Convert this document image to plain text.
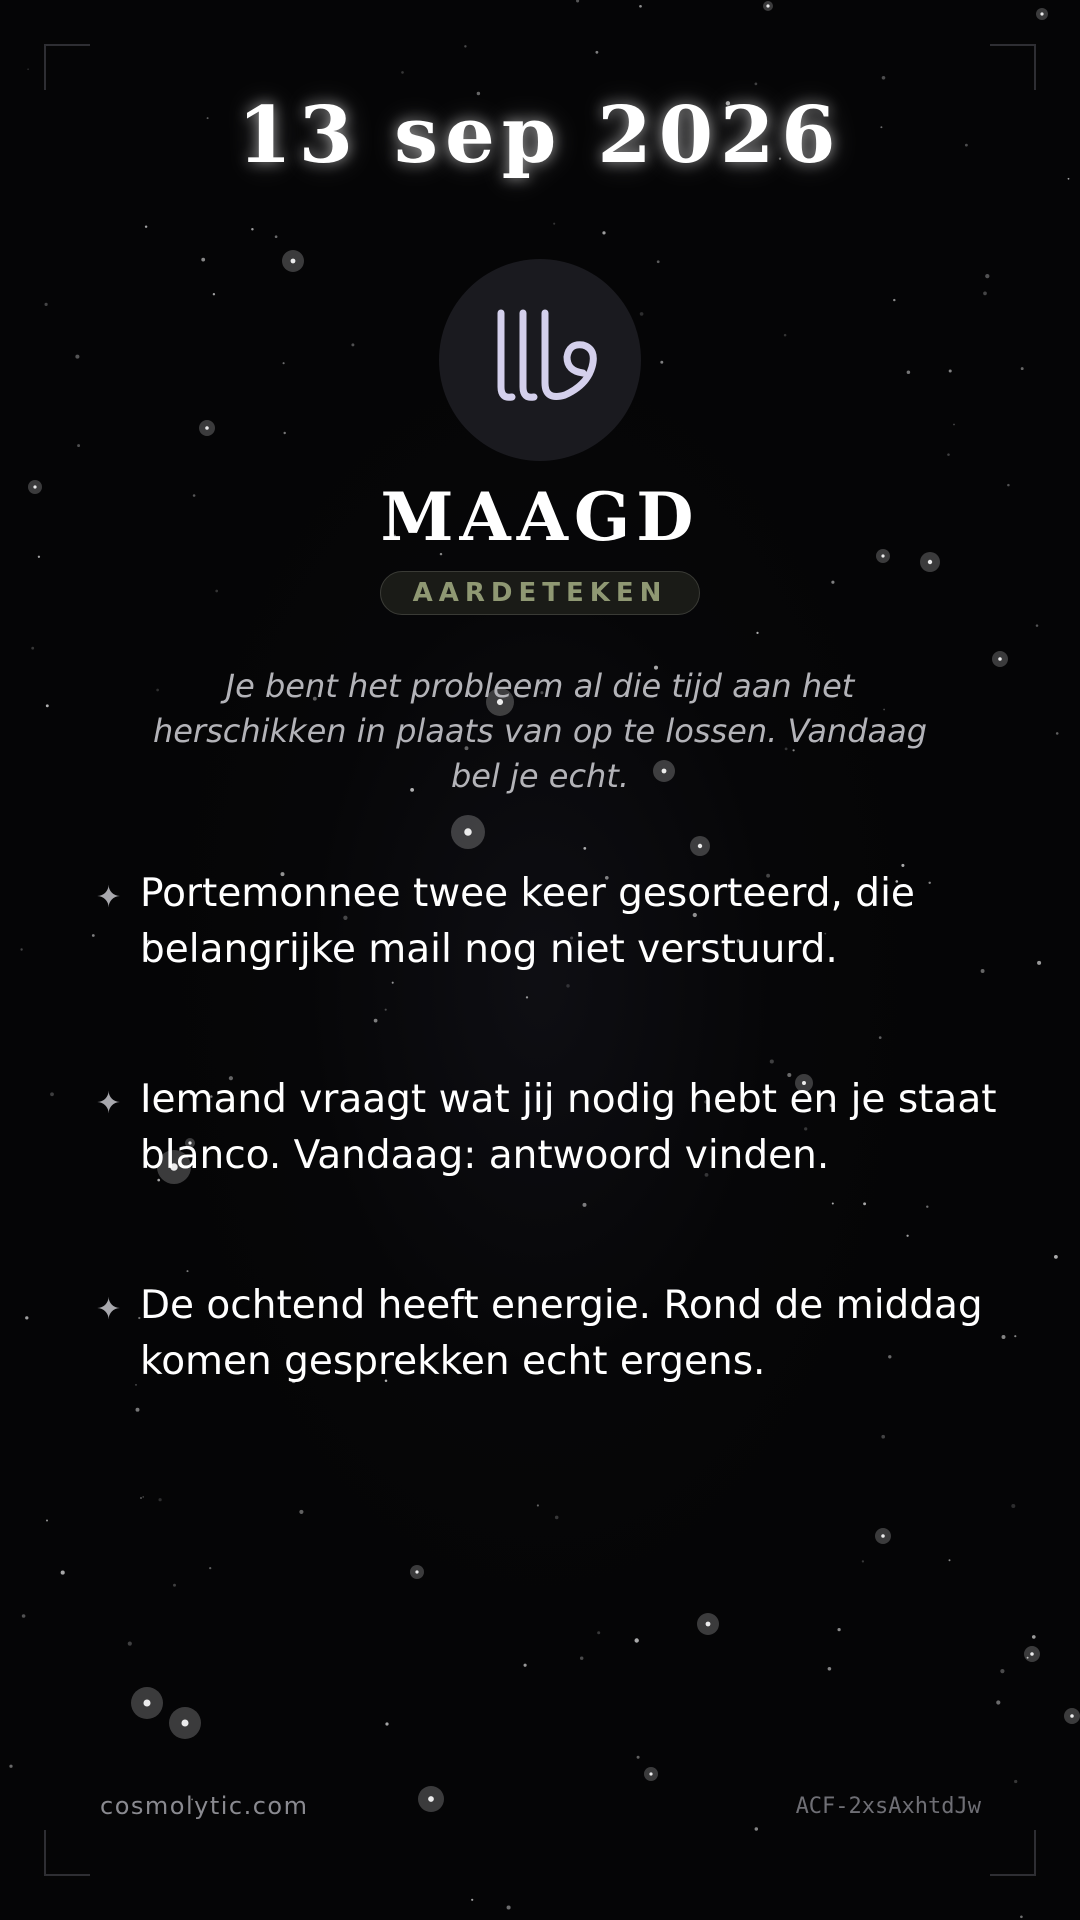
13 sep 2026
MAAGD
AARDETEKEN
Je bent het probleem al die tijd aan het herschikken in plaats van op te lossen. Vandaag bel je echt.
✦ Portemonnee twee keer gesorteerd, die belangrijke mail nog niet verstuurd.
✦ Iemand vraagt wat jij nodig hebt en je staat blanco. Vandaag: antwoord vinden.
✦ De ochtend heeft energie. Rond de middag komen gesprekken echt ergens.
cosmolytic.com	ACF-2xsAxhtdJw
